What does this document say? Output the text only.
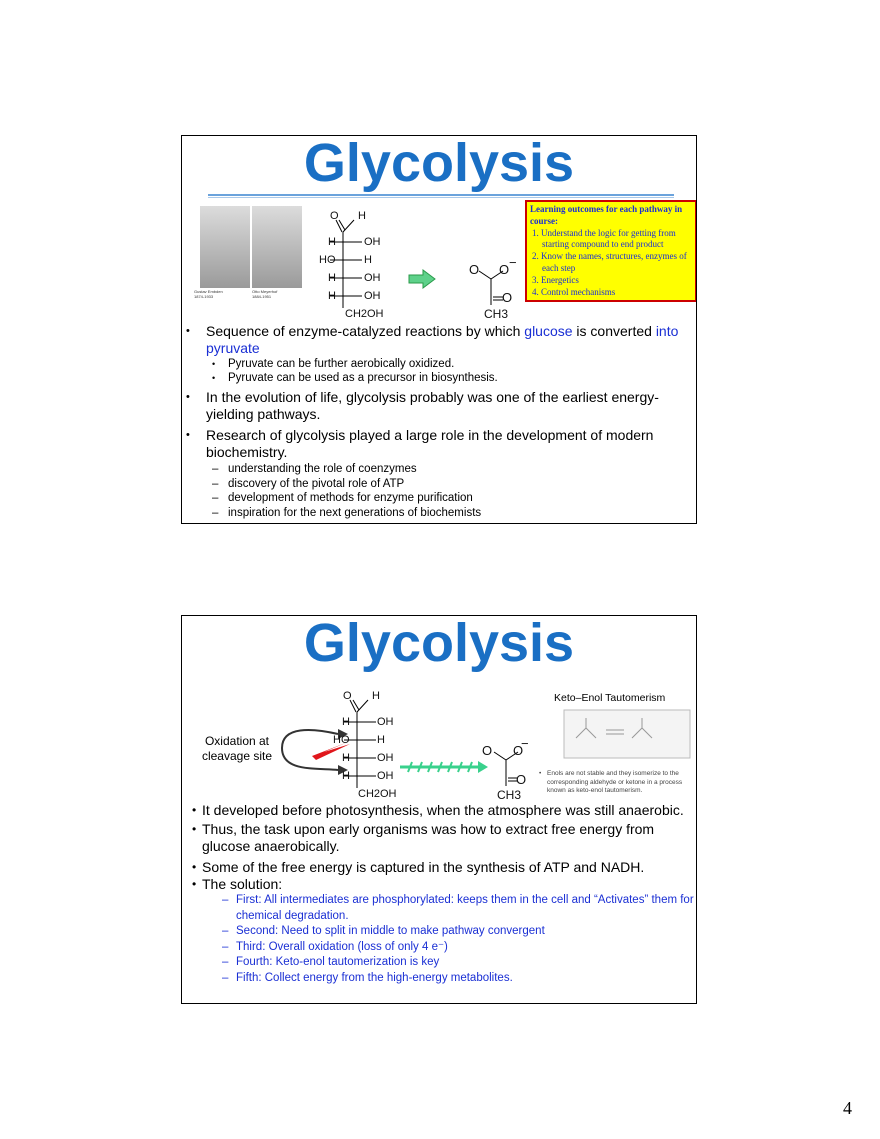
Glycolysis
Gustav Embden
1874-1933
Otto Meyerhof
1884-1951
O H
H	OH
HO	H
H	OH
H	OH
CH2OH
O O −
O
CH3
Learning outcomes for each pathway in course:
1. Understand the logic for getting from starting compound to end product
2. Know the names, structures, enzymes of each step
3. Energetics
4. Control mechanisms
• Sequence of enzyme-catalyzed reactions by which glucose is converted into pyruvate
• Pyruvate can be further aerobically oxidized.
• Pyruvate can be used as a precursor in biosynthesis.
• In the evolution of life, glycolysis probably was one of the earliest energy-yielding pathways.
• Research of glycolysis played a large role in the development of modern biochemistry.
– understanding the role of coenzymes
– discovery of the pivotal role of ATP
– development of methods for enzyme purification
– inspiration for the next generations of biochemists
Glycolysis
Oxidation at cleavage site
O H
H OH
HO	H
H OH
H OH
CH2OH
O O
−
O
CH3
Keto–Enol Tautomerism
• Enols are not stable and they isomerize to the corresponding aldehyde or ketone in a process known as keto-enol tautomerism.
• It developed before photosynthesis, when the atmosphere was still anaerobic.
• Thus, the task upon early organisms was how to extract free energy from glucose anaerobically.
• Some of the free energy is captured in the synthesis of ATP and NADH.
• The solution:
– First: All intermediates are phosphorylated: keeps them in the cell and “Activates” them for chemical degradation.
– Second: Need to split in middle to make pathway convergent
– Third: Overall oxidation (loss of only 4 e⁻)
– Fourth: Keto-enol tautomerization is key
– Fifth: Collect energy from the high-energy metabolites.
4
